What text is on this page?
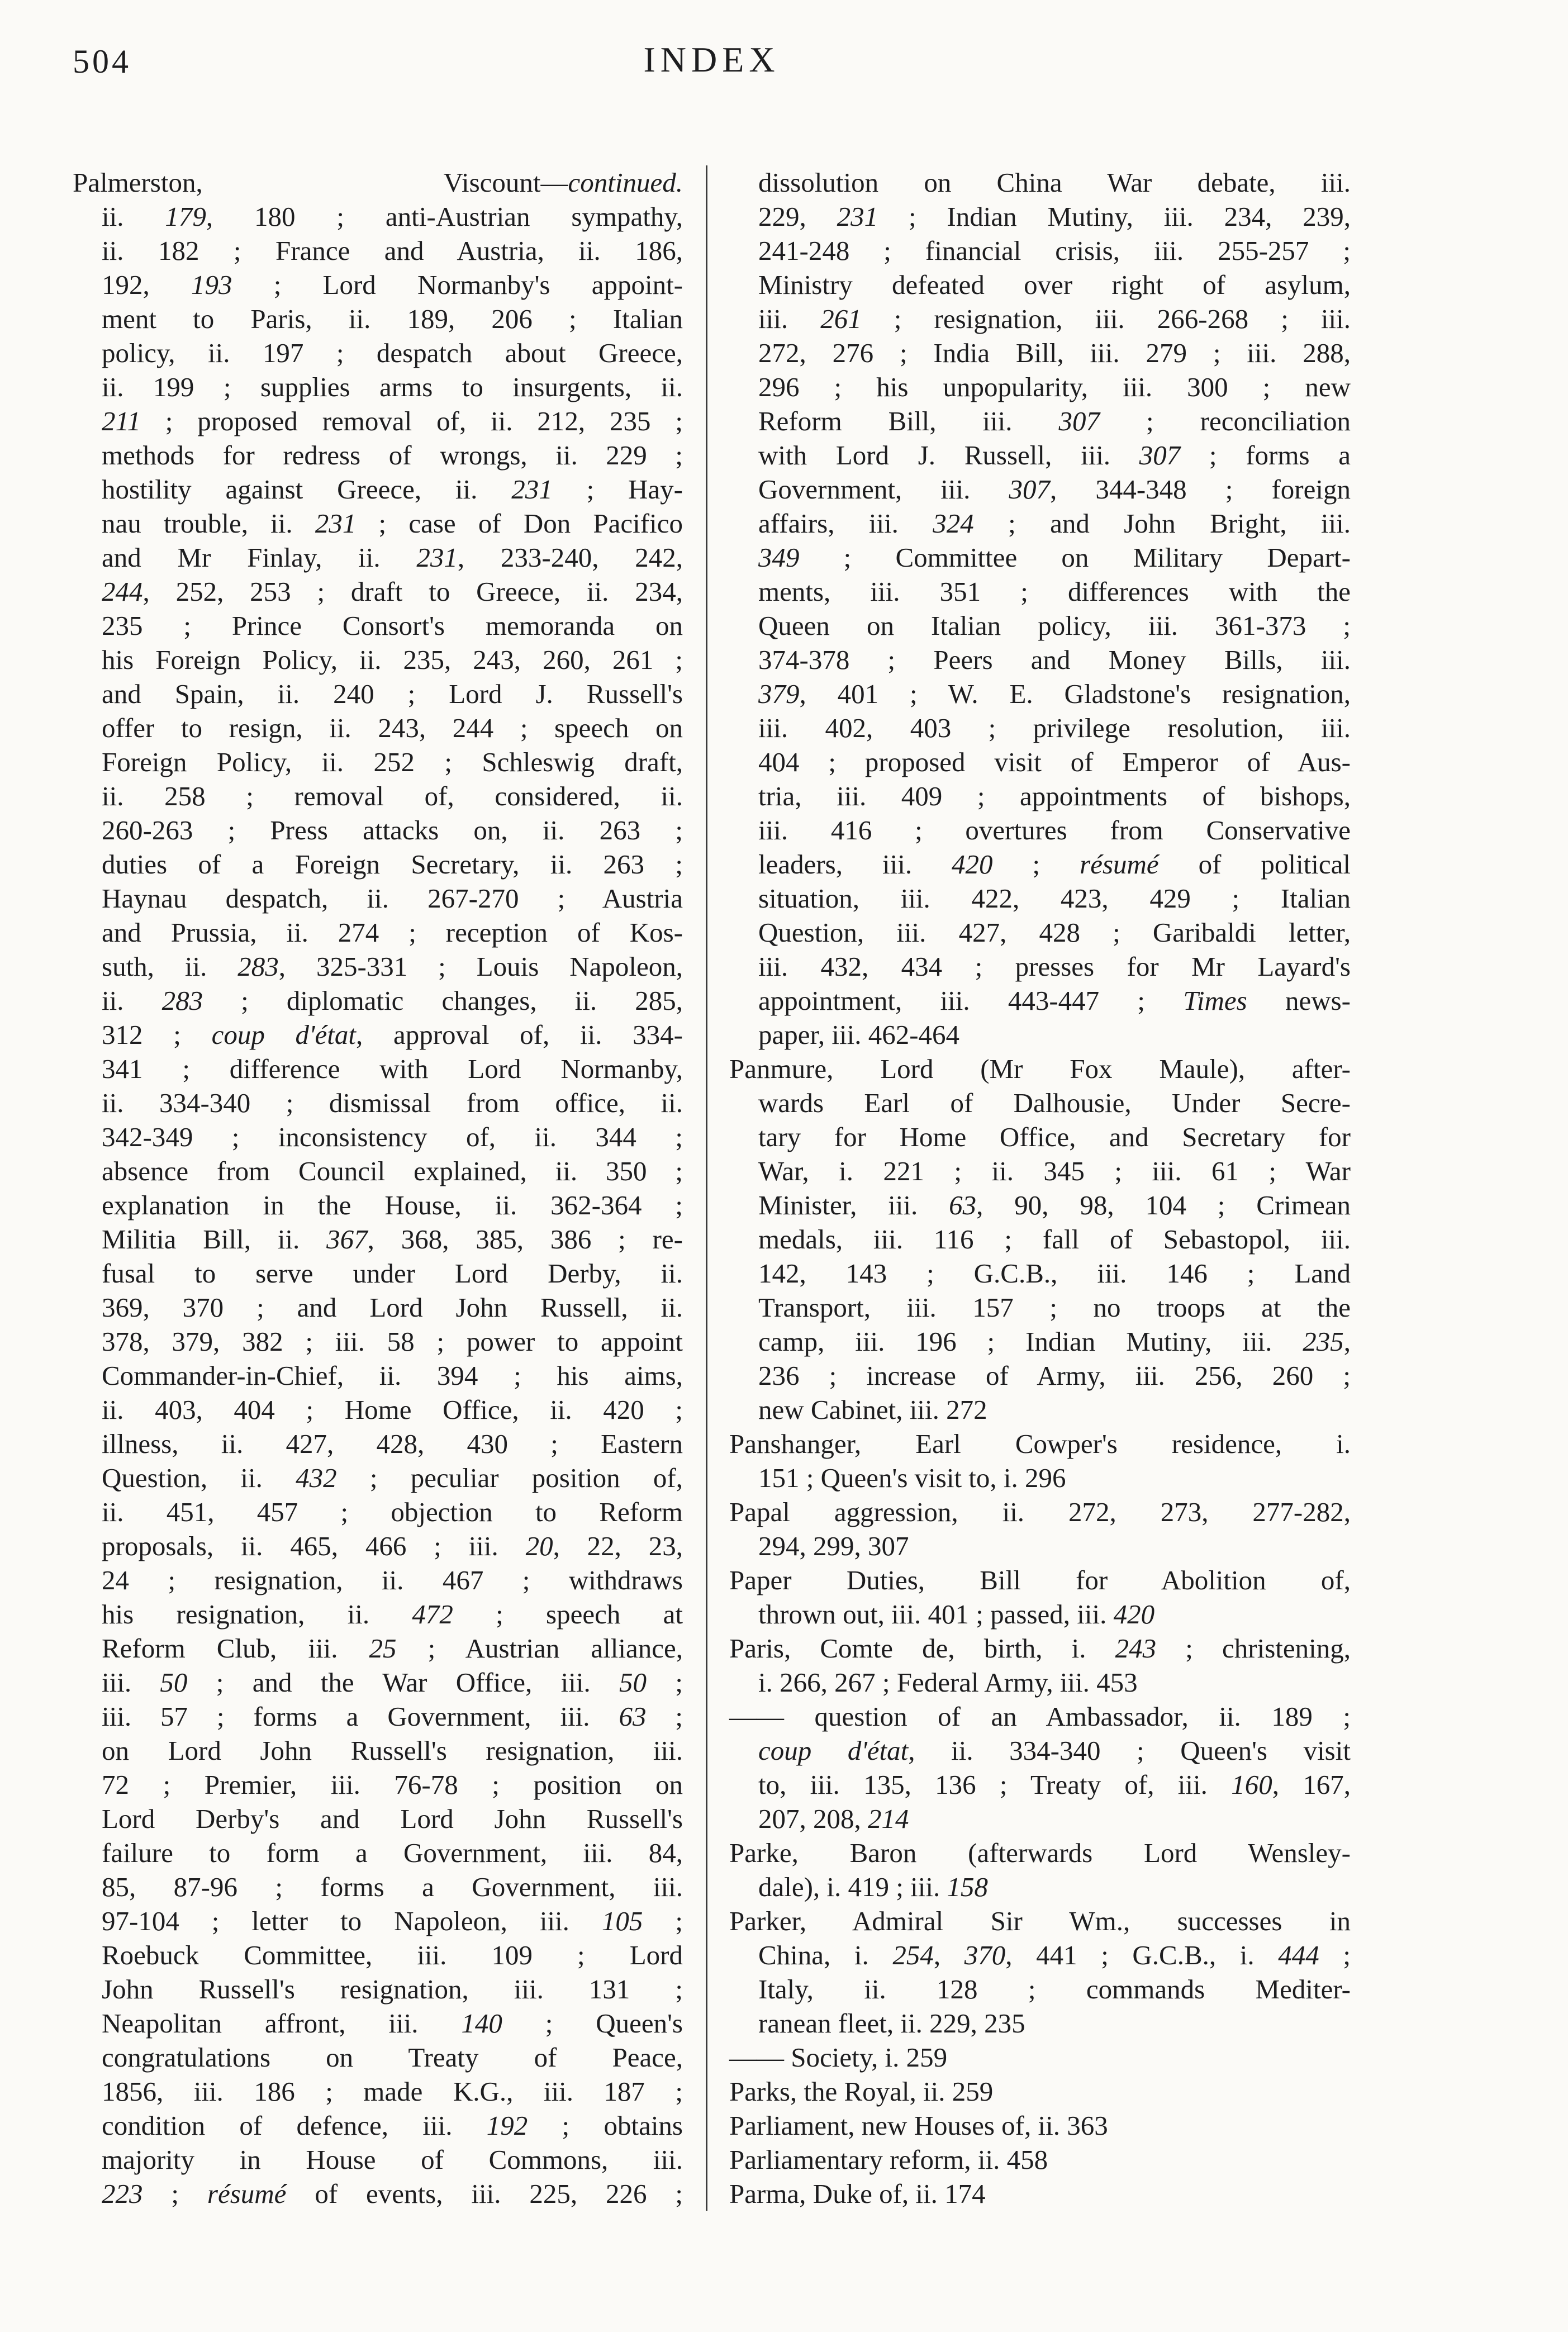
504	INDEX
Palmerston, Viscount—continued.
ii. 179, 180 ; anti-Austrian sympathy,
ii. 182 ; France and Austria, ii. 186,
192, 193 ; Lord Normanby's appoint-
ment to Paris, ii. 189, 206 ; Italian
policy, ii. 197 ; despatch about Greece,
ii. 199 ; supplies arms to insurgents, ii.
211 ; proposed removal of, ii. 212, 235 ;
methods for redress of wrongs, ii. 229 ;
hostility against Greece, ii. 231 ; Hay-
nau trouble, ii. 231 ; case of Don Pacifico
and Mr Finlay, ii. 231, 233-240, 242,
244, 252, 253 ; draft to Greece, ii. 234,
235 ; Prince Consort's memoranda on
his Foreign Policy, ii. 235, 243, 260, 261 ;
and Spain, ii. 240 ; Lord J. Russell's
offer to resign, ii. 243, 244 ; speech on
Foreign Policy, ii. 252 ; Schleswig draft,
ii. 258 ; removal of, considered, ii.
260-263 ; Press attacks on, ii. 263 ;
duties of a Foreign Secretary, ii. 263 ;
Haynau despatch, ii. 267-270 ; Austria
and Prussia, ii. 274 ; reception of Kos-
suth, ii. 283, 325-331 ; Louis Napoleon,
ii. 283 ; diplomatic changes, ii. 285,
312 ; coup d'état, approval of, ii. 334-
341 ; difference with Lord Normanby,
ii. 334-340 ; dismissal from office, ii.
342-349 ; inconsistency of, ii. 344 ;
absence from Council explained, ii. 350 ;
explanation in the House, ii. 362-364 ;
Militia Bill, ii. 367, 368, 385, 386 ; re-
fusal to serve under Lord Derby, ii.
369, 370 ; and Lord John Russell, ii.
378, 379, 382 ; iii. 58 ; power to appoint
Commander-in-Chief, ii. 394 ; his aims,
ii. 403, 404 ; Home Office, ii. 420 ;
illness, ii. 427, 428, 430 ; Eastern
Question, ii. 432 ; peculiar position of,
ii. 451, 457 ; objection to Reform
proposals, ii. 465, 466 ; iii. 20, 22, 23,
24 ; resignation, ii. 467 ; withdraws
his resignation, ii. 472 ; speech at
Reform Club, iii. 25 ; Austrian alliance,
iii. 50 ; and the War Office, iii. 50 ;
iii. 57 ; forms a Government, iii. 63 ;
on Lord John Russell's resignation, iii.
72 ; Premier, iii. 76-78 ; position on
Lord Derby's and Lord John Russell's
failure to form a Government, iii. 84,
85, 87-96 ; forms a Government, iii.
97-104 ; letter to Napoleon, iii. 105 ;
Roebuck Committee, iii. 109 ; Lord
John Russell's resignation, iii. 131 ;
Neapolitan affront, iii. 140 ; Queen's
congratulations on Treaty of Peace,
1856, iii. 186 ; made K.G., iii. 187 ;
condition of defence, iii. 192 ; obtains
majority in House of Commons, iii.
223 ; résumé of events, iii. 225, 226 ;
dissolution on China War debate, iii.
229, 231 ; Indian Mutiny, iii. 234, 239,
241-248 ; financial crisis, iii. 255-257 ;
Ministry defeated over right of asylum,
iii. 261 ; resignation, iii. 266-268 ; iii.
272, 276 ; India Bill, iii. 279 ; iii. 288,
296 ; his unpopularity, iii. 300 ; new
Reform Bill, iii. 307 ; reconciliation
with Lord J. Russell, iii. 307 ; forms a
Government, iii. 307, 344-348 ; foreign
affairs, iii. 324 ; and John Bright, iii.
349 ; Committee on Military Depart-
ments, iii. 351 ; differences with the
Queen on Italian policy, iii. 361-373 ;
374-378 ; Peers and Money Bills, iii.
379, 401 ; W. E. Gladstone's resignation,
iii. 402, 403 ; privilege resolution, iii.
404 ; proposed visit of Emperor of Aus-
tria, iii. 409 ; appointments of bishops,
iii. 416 ; overtures from Conservative
leaders, iii. 420 ; résumé of political
situation, iii. 422, 423, 429 ; Italian
Question, iii. 427, 428 ; Garibaldi letter,
iii. 432, 434 ; presses for Mr Layard's
appointment, iii. 443-447 ; Times news-
paper, iii. 462-464
Panmure, Lord (Mr Fox Maule), after-
wards Earl of Dalhousie, Under Secre-
tary for Home Office, and Secretary for
War, i. 221 ; ii. 345 ; iii. 61 ; War
Minister, iii. 63, 90, 98, 104 ; Crimean
medals, iii. 116 ; fall of Sebastopol, iii.
142, 143 ; G.C.B., iii. 146 ; Land
Transport, iii. 157 ; no troops at the
camp, iii. 196 ; Indian Mutiny, iii. 235,
236 ; increase of Army, iii. 256, 260 ;
new Cabinet, iii. 272
Panshanger, Earl Cowper's residence, i.
151 ; Queen's visit to, i. 296
Papal aggression, ii. 272, 273, 277-282,
294, 299, 307
Paper Duties, Bill for Abolition of,
thrown out, iii. 401 ; passed, iii. 420
Paris, Comte de, birth, i. 243 ; christening,
i. 266, 267 ; Federal Army, iii. 453
—— question of an Ambassador, ii. 189 ;
coup d'état, ii. 334-340 ; Queen's visit
to, iii. 135, 136 ; Treaty of, iii. 160, 167,
207, 208, 214
Parke, Baron (afterwards Lord Wensley-
dale), i. 419 ; iii. 158
Parker, Admiral Sir Wm., successes in
China, i. 254, 370, 441 ; G.C.B., i. 444 ;
Italy, ii. 128 ; commands Mediter-
ranean fleet, ii. 229, 235
—— Society, i. 259
Parks, the Royal, ii. 259
Parliament, new Houses of, ii. 363
Parliamentary reform, ii. 458
Parma, Duke of, ii. 174
